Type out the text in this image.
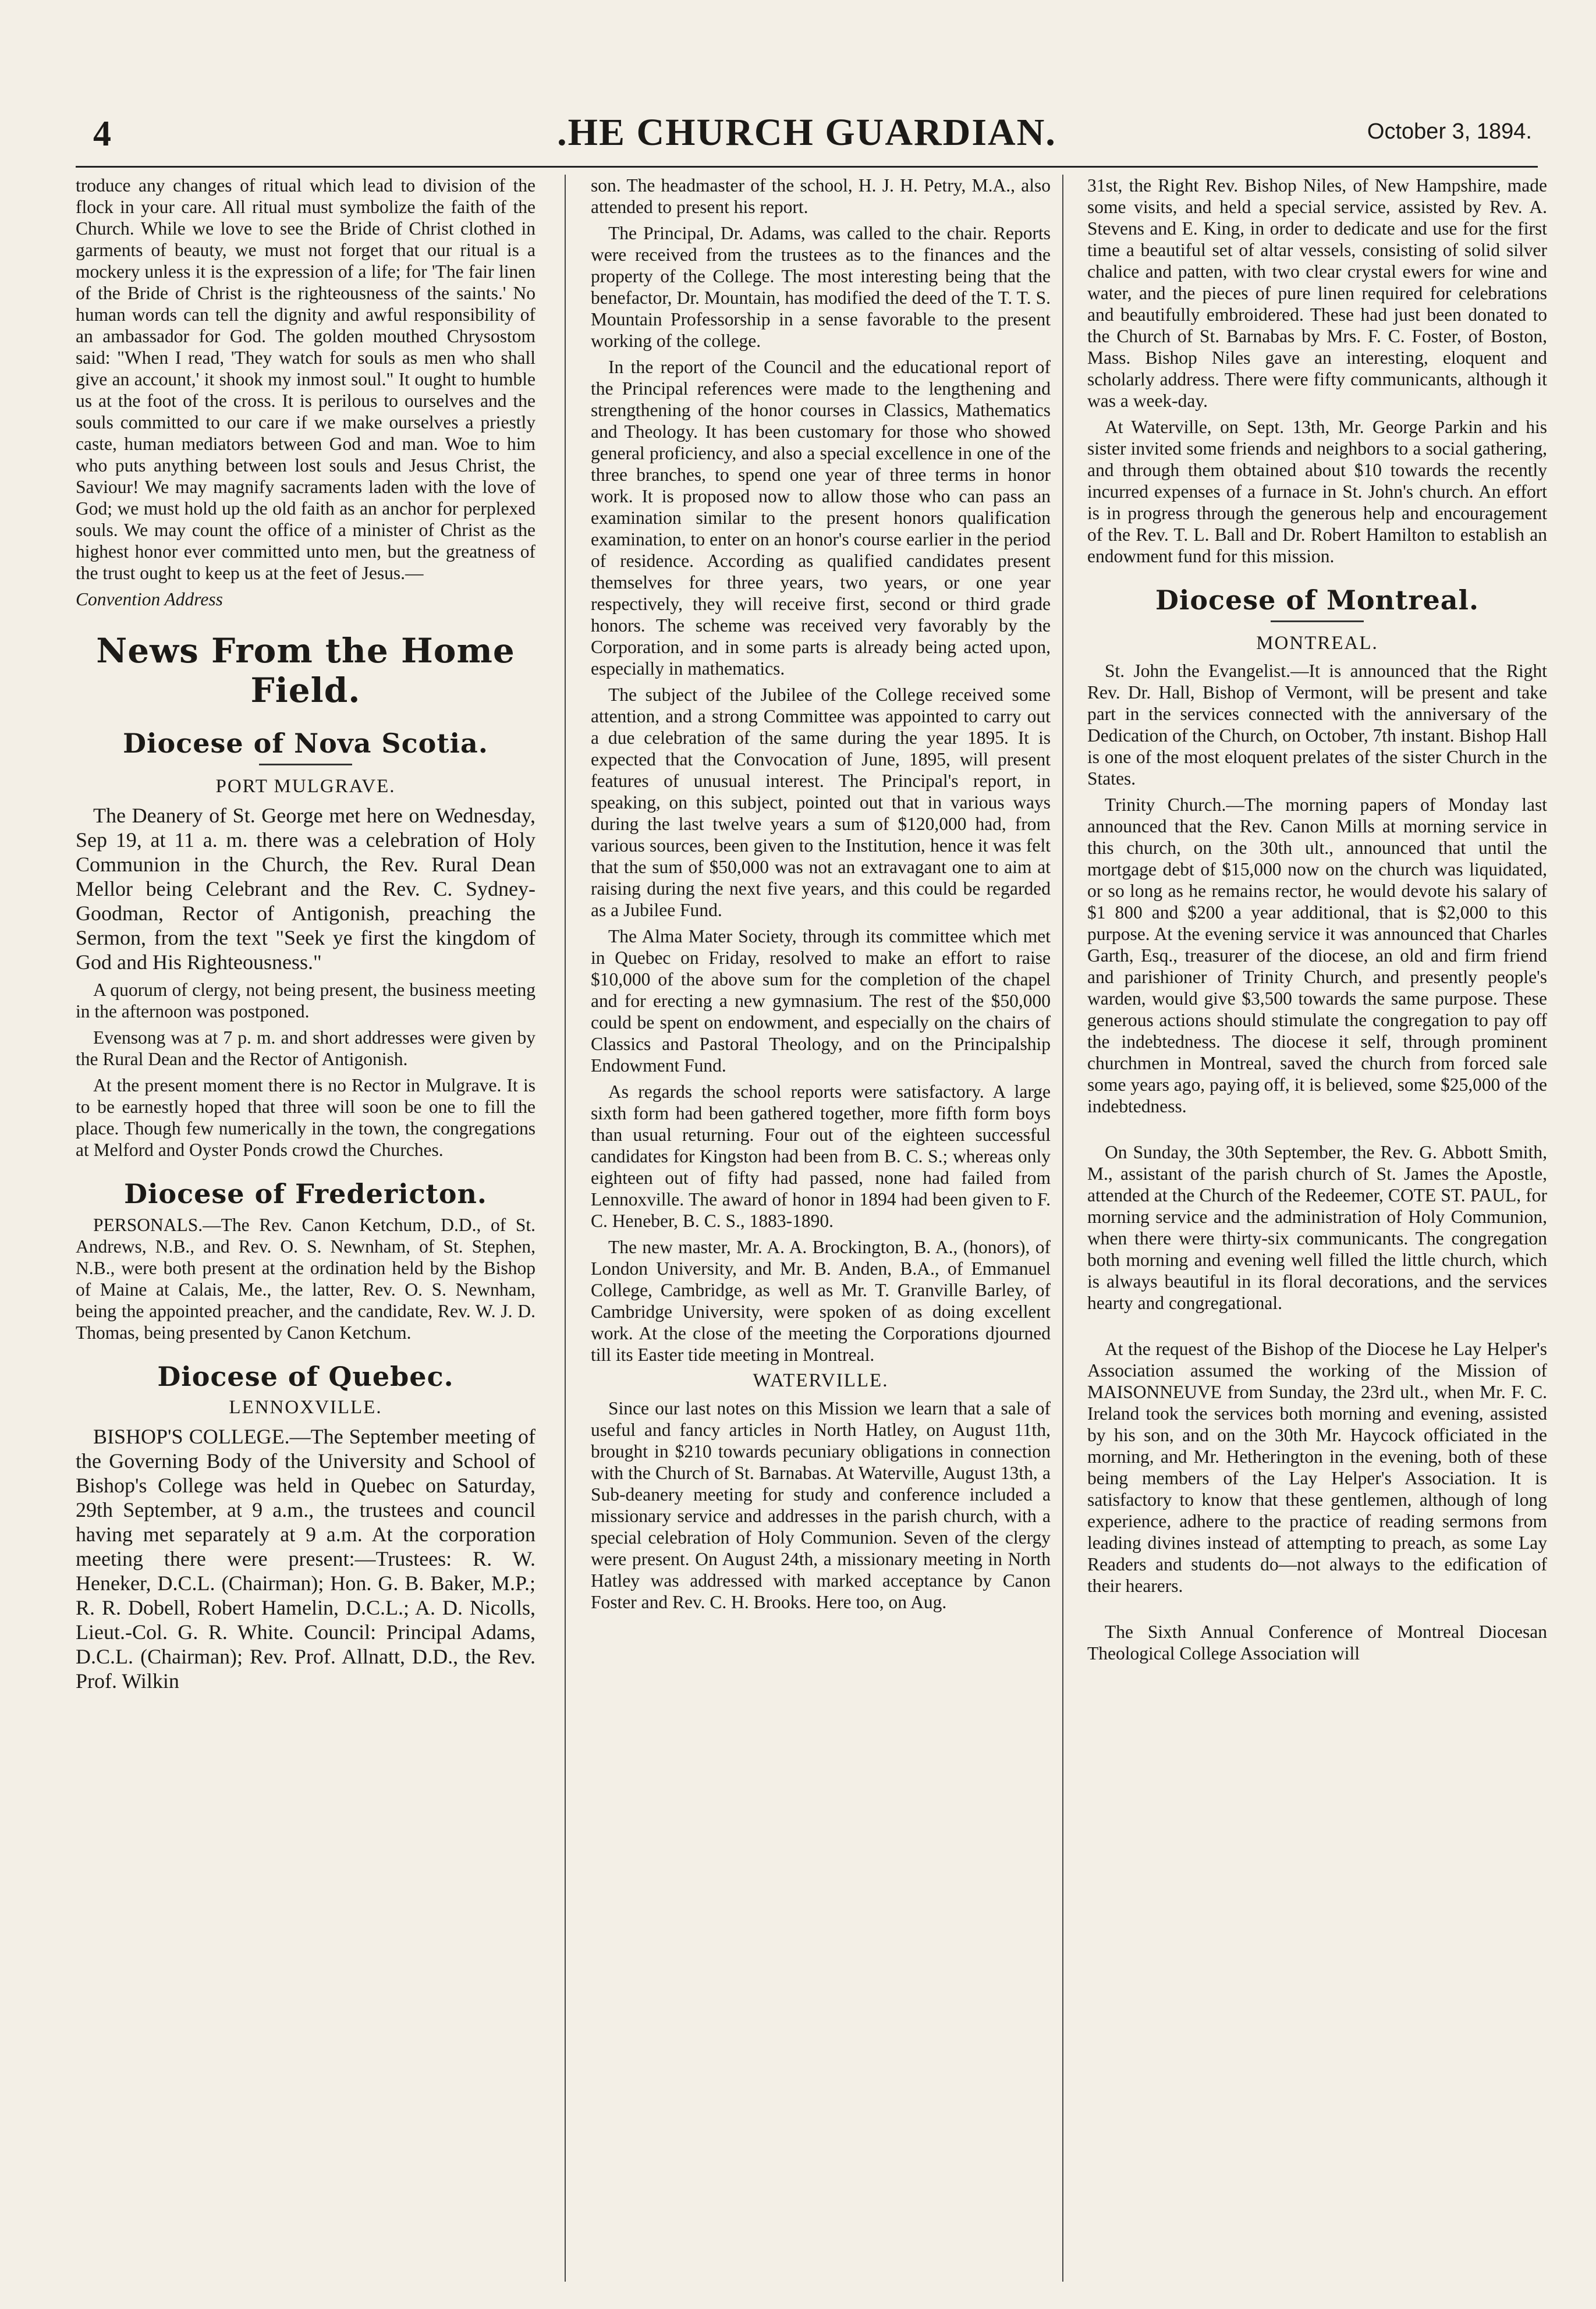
4	.HE CHURCH GUARDIAN.	October 3, 1894.

troduce any changes of ritual which lead to division of the flock in your care. All ritual must symbolize the faith of the Church. While we love to see the Bride of Christ clothed in garments of beauty, we must not forget that our ritual is a mockery unless it is the expression of a life; for 'The fair linen of the Bride of Christ is the righteousness of the saints.' No human words can tell the dignity and awful responsibility of an ambassador for God. The golden mouthed Chrysostom said: "When I read, 'They watch for souls as men who shall give an account,' it shook my inmost soul." It ought to humble us at the foot of the cross. It is perilous to ourselves and the souls committed to our care if we make ourselves a priestly caste, human mediators between God and man. Woe to him who puts anything between lost souls and Jesus Christ, the Saviour! We may magnify sacraments laden with the love of God; we must hold up the old faith as an anchor for perplexed souls. We may count the office of a minister of Christ as the highest honor ever committed unto men, but the greatness of the trust ought to keep us at the feet of Jesus.—

Convention Address

News From the Home Field.
Diocese of Nova Scotia.
PORT MULGRAVE.

The Deanery of St. George met here on Wednesday, Sep 19, at 11 a. m. there was a celebration of Holy Communion in the Church, the Rev. Rural Dean Mellor being Celebrant and the Rev. C. Sydney-Goodman, Rector of Antigonish, preaching the Sermon, from the text "Seek ye first the kingdom of God and His Righteousness."

A quorum of clergy, not being present, the business meeting in the afternoon was postponed.

Evensong was at 7 p. m. and short addresses were given by the Rural Dean and the Rector of Antigonish.

At the present moment there is no Rector in Mulgrave. It is to be earnestly hoped that three will soon be one to fill the place. Though few numerically in the town, the congregations at Melford and Oyster Ponds crowd the Churches.

Diocese of Fredericton.

PERSONALS.—The Rev. Canon Ketchum, D.D., of St. Andrews, N.B., and Rev. O. S. Newnham, of St. Stephen, N.B., were both present at the ordination held by the Bishop of Maine at Calais, Me., the latter, Rev. O. S. Newnham, being the appointed preacher, and the candidate, Rev. W. J. D. Thomas, being presented by Canon Ketchum.

Diocese of Quebec.
LENNOXVILLE.

BISHOP'S COLLEGE.—The September meeting of the Governing Body of the University and School of Bishop's College was held in Quebec on Saturday, 29th September, at 9 a.m., the trustees and council having met separately at 9 a.m. At the corporation meeting there were present:—Trustees: R. W. Heneker, D.C.L. (Chairman); Hon. G. B. Baker, M.P.; R. R. Dobell, Robert Hamelin, D.C.L.; A. D. Nicolls, Lieut.-Col. G. R. White. Council: Principal Adams, D.C.L. (Chairman); Rev. Prof. Allnatt, D.D., the Rev. Prof. Wilkin

son. The headmaster of the school, H. J. H. Petry, M.A., also attended to present his report.

The Principal, Dr. Adams, was called to the chair. Reports were received from the trustees as to the finances and the property of the College. The most interesting being that the benefactor, Dr. Mountain, has modified the deed of the T. T. S. Mountain Professorship in a sense favorable to the present working of the college.

In the report of the Council and the educational report of the Principal references were made to the lengthening and strengthening of the honor courses in Classics, Mathematics and Theology. It has been customary for those who showed general proficiency, and also a special excellence in one of the three branches, to spend one year of three terms in honor work. It is proposed now to allow those who can pass an examination similar to the present honors qualification examination, to enter on an honor's course earlier in the period of residence. According as qualified candidates present themselves for three years, two years, or one year respectively, they will receive first, second or third grade honors. The scheme was received very favorably by the Corporation, and in some parts is already being acted upon, especially in mathematics.

The subject of the Jubilee of the College received some attention, and a strong Committee was appointed to carry out a due celebration of the same during the year 1895. It is expected that the Convocation of June, 1895, will present features of unusual interest. The Principal's report, in speaking, on this subject, pointed out that in various ways during the last twelve years a sum of $120,000 had, from various sources, been given to the Institution, hence it was felt that the sum of $50,000 was not an extravagant one to aim at raising during the next five years, and this could be regarded as a Jubilee Fund.

The Alma Mater Society, through its committee which met in Quebec on Friday, resolved to make an effort to raise $10,000 of the above sum for the completion of the chapel and for erecting a new gymnasium. The rest of the $50,000 could be spent on endowment, and especially on the chairs of Classics and Pastoral Theology, and on the Principalship Endowment Fund.

As regards the school reports were satisfactory. A large sixth form had been gathered together, more fifth form boys than usual returning. Four out of the eighteen successful candidates for Kingston had been from B. C. S.; whereas only eighteen out of fifty had passed, none had failed from Lennoxville. The award of honor in 1894 had been given to F. C. Heneber, B. C. S., 1883-1890.

The new master, Mr. A. A. Brockington, B. A., (honors), of London University, and Mr. B. Anden, B.A., of Emmanuel College, Cambridge, as well as Mr. T. Granville Barley, of Cambridge University, were spoken of as doing excellent work. At the close of the meeting the Corporations djourned till its Easter tide meeting in Montreal.

WATERVILLE.

Since our last notes on this Mission we learn that a sale of useful and fancy articles in North Hatley, on August 11th, brought in $210 towards pecuniary obligations in connection with the Church of St. Barnabas. At Waterville, August 13th, a Sub-deanery meeting for study and conference included a missionary service and addresses in the parish church, with a special celebration of Holy Communion. Seven of the clergy were present. On August 24th, a missionary meeting in North Hatley was addressed with marked acceptance by Canon Foster and Rev. C. H. Brooks. Here too, on Aug.

31st, the Right Rev. Bishop Niles, of New Hampshire, made some visits, and held a special service, assisted by Rev. A. Stevens and E. King, in order to dedicate and use for the first time a beautiful set of altar vessels, consisting of solid silver chalice and patten, with two clear crystal ewers for wine and water, and the pieces of pure linen required for celebrations and beautifully embroidered. These had just been donated to the Church of St. Barnabas by Mrs. F. C. Foster, of Boston, Mass. Bishop Niles gave an interesting, eloquent and scholarly address. There were fifty communicants, although it was a week-day.

At Waterville, on Sept. 13th, Mr. George Parkin and his sister invited some friends and neighbors to a social gathering, and through them obtained about $10 towards the recently incurred expenses of a furnace in St. John's church. An effort is in progress through the generous help and encouragement of the Rev. T. L. Ball and Dr. Robert Hamilton to establish an endowment fund for this mission.

Diocese of Montreal.
MONTREAL.

St. John the Evangelist.—It is announced that the Right Rev. Dr. Hall, Bishop of Vermont, will be present and take part in the services connected with the anniversary of the Dedication of the Church, on October, 7th instant. Bishop Hall is one of the most eloquent prelates of the sister Church in the States.

Trinity Church.—The morning papers of Monday last announced that the Rev. Canon Mills at morning service in this church, on the 30th ult., announced that until the mortgage debt of $15,000 now on the church was liquidated, or so long as he remains rector, he would devote his salary of $1 800 and $200 a year additional, that is $2,000 to this purpose. At the evening service it was announced that Charles Garth, Esq., treasurer of the diocese, an old and firm friend and parishioner of Trinity Church, and presently people's warden, would give $3,500 towards the same purpose. These generous actions should stimulate the congregation to pay off the indebtedness. The diocese it self, through prominent churchmen in Montreal, saved the church from forced sale some years ago, paying off, it is believed, some $25,000 of the indebtedness.

On Sunday, the 30th September, the Rev. G. Abbott Smith, M., assistant of the parish church of St. James the Apostle, attended at the Church of the Redeemer, COTE ST. PAUL, for morning service and the administration of Holy Communion, when there were thirty-six communicants. The congregation both morning and evening well filled the little church, which is always beautiful in its floral decorations, and the services hearty and congregational.

At the request of the Bishop of the Diocese he Lay Helper's Association assumed the working of the Mission of MAISONNEUVE from Sunday, the 23rd ult., when Mr. F. C. Ireland took the services both morning and evening, assisted by his son, and on the 30th Mr. Haycock officiated in the morning, and Mr. Hetherington in the evening, both of these being members of the Lay Helper's Association. It is satisfactory to know that these gentlemen, although of long experience, adhere to the practice of reading sermons from leading divines instead of attempting to preach, as some Lay Readers and students do—not always to the edification of their hearers.

The Sixth Annual Conference of Montreal Diocesan Theological College Association will
